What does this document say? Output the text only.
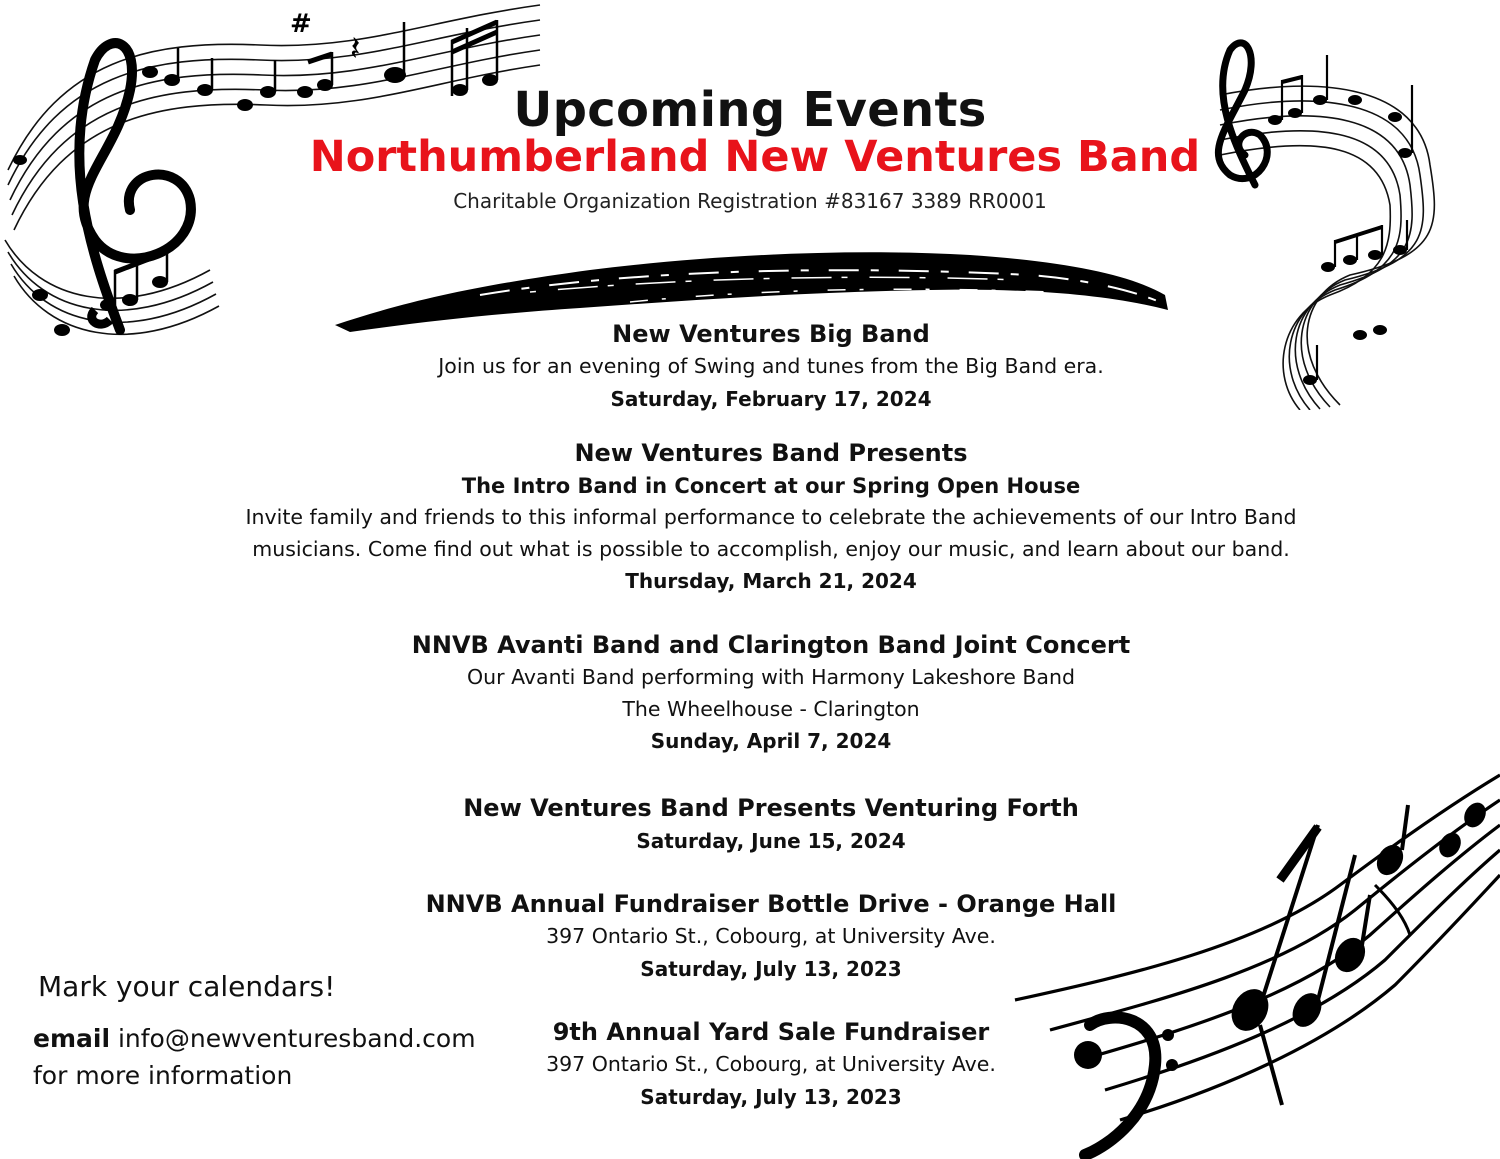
#
𝄽
Upcoming Events
Northumberland New Ventures Band
Charitable Organization Registration #83167 3389 RR0001
New Ventures Big Band
Join us for an evening of Swing and tunes from the Big Band era.
Saturday, February 17, 2024
New Ventures Band Presents
The Intro Band in Concert at our Spring Open House
Invite family and friends to this informal performance to celebrate the achievements of our Intro Band
musicians. Come find out what is possible to accomplish, enjoy our music, and learn about our band.
Thursday, March 21, 2024
NNVB Avanti Band and Clarington Band Joint Concert
Our Avanti Band performing with Harmony Lakeshore Band
The Wheelhouse - Clarington
Sunday, April 7, 2024
New Ventures Band Presents Venturing Forth
Saturday, June 15, 2024
NNVB Annual Fundraiser Bottle Drive - Orange Hall
397 Ontario St., Cobourg, at University Ave.
Saturday, July 13, 2023
9th Annual Yard Sale Fundraiser
397 Ontario St., Cobourg, at University Ave.
Saturday, July 13, 2023
Mark your calendars!
email info@newventuresband.com
for more information
